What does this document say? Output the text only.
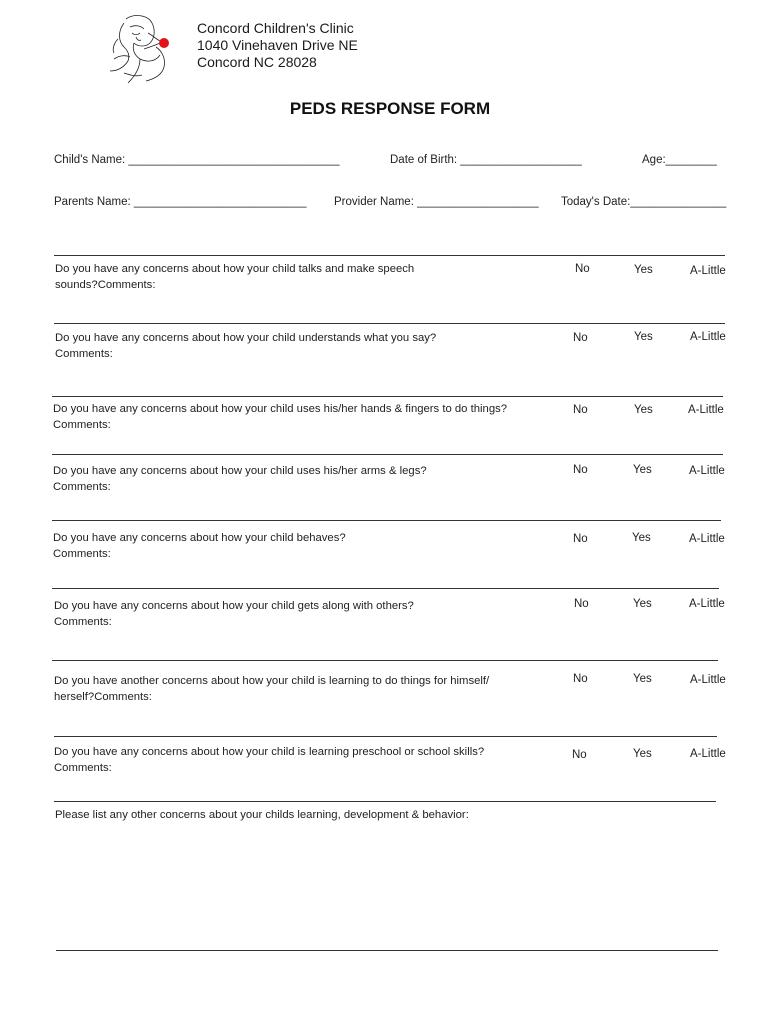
Concord Children's Clinic
1040 Vinehaven Drive NE
Concord NC 28028
PEDS RESPONSE FORM
Child's Name: _________________________________	Date of Birth: ___________________	Age:________
Parents Name: ___________________________ Provider Name: ___________________ Today's Date:_______________
Do you have any concerns about how your child talks and make speech
sounds?Comments:
No	Yes	A-Little
Do you have any concerns about how your child understands what you say?
Comments:
No	Yes	A-Little
Do you have any concerns about how your child uses his/her hands & fingers to do things?
Comments:
No	Yes	A-Little
Do you have any concerns about how your child uses his/her arms & legs?
Comments:
No	Yes	A-Little
Do you have any concerns about how your child behaves?
Comments:
No	Yes	A-Little
Do you have any concerns about how your child gets along with others?
Comments:
No	Yes	A-Little
Do you have another concerns about how your child is learning to do things for himself/
herself?Comments:
No	Yes	A-Little
Do you have any concerns about how your child is learning preschool or school skills?
Comments:
No	Yes	A-Little
Please list any other concerns about your childs learning, development & behavior:
